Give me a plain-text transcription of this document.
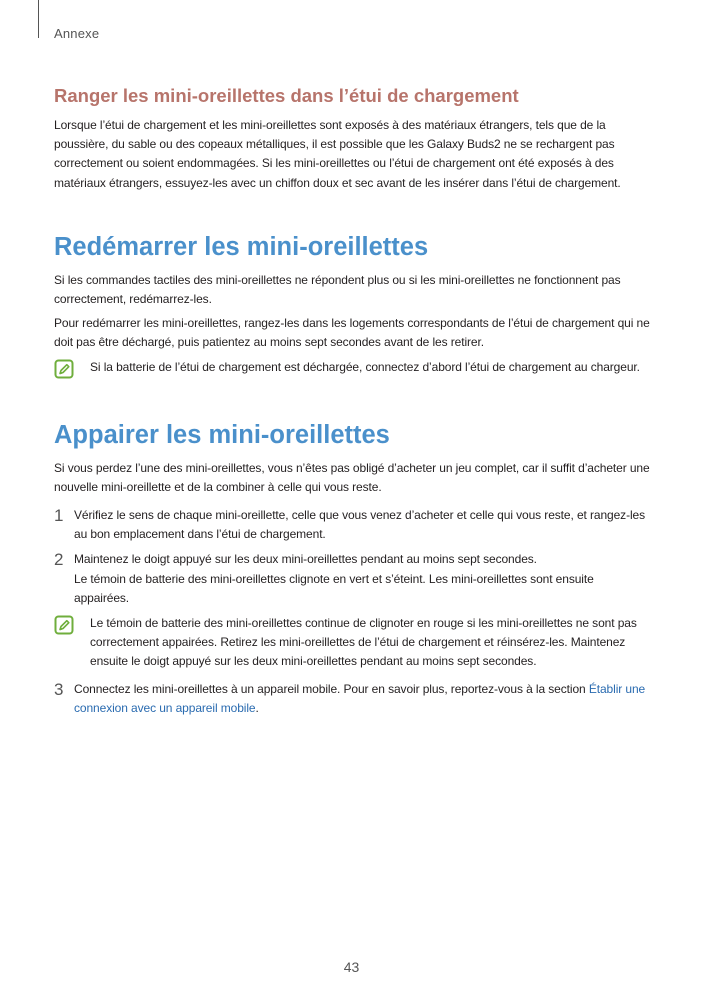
Annexe
Ranger les mini-oreillettes dans l’étui de chargement

Lorsque l’étui de chargement et les mini-oreillettes sont exposés à des matériaux étrangers, tels que de la poussière, du sable ou des copeaux métalliques, il est possible que les Galaxy Buds2 ne se rechargent pas correctement ou soient endommagées. Si les mini-oreillettes ou l’étui de chargement ont été exposés à des matériaux étrangers, essuyez-les avec un chiffon doux et sec avant de les insérer dans l’étui de chargement.

Redémarrer les mini-oreillettes

Si les commandes tactiles des mini-oreillettes ne répondent plus ou si les mini-oreillettes ne fonctionnent pas correctement, redémarrez-les.

Pour redémarrer les mini-oreillettes, rangez-les dans les logements correspondants de l’étui de chargement qui ne doit pas être déchargé, puis patientez au moins sept secondes avant de les retirer.

Si la batterie de l’étui de chargement est déchargée, connectez d’abord l’étui de chargement au chargeur.
Appairer les mini-oreillettes

Si vous perdez l’une des mini-oreillettes, vous n’êtes pas obligé d’acheter un jeu complet, car il suffit d’acheter une nouvelle mini-oreillette et de la combiner à celle qui vous reste.

1 Vérifiez le sens de chaque mini-oreillette, celle que vous venez d’acheter et celle qui vous reste, et rangez-les au bon emplacement dans l’étui de chargement.

2 Maintenez le doigt appuyé sur les deux mini-oreillettes pendant au moins sept secondes.

Le témoin de batterie des mini-oreillettes clignote en vert et s’éteint. Les mini-oreillettes sont ensuite appairées.

Le témoin de batterie des mini-oreillettes continue de clignoter en rouge si les mini-oreillettes ne sont pas correctement appairées. Retirez les mini-oreillettes de l’étui de chargement et réinsérez-les. Maintenez ensuite le doigt appuyé sur les deux mini-oreillettes pendant au moins sept secondes.
3 Connectez les mini-oreillettes à un appareil mobile. Pour en savoir plus, reportez-vous à la section Établir une connexion avec un appareil mobile.

43
